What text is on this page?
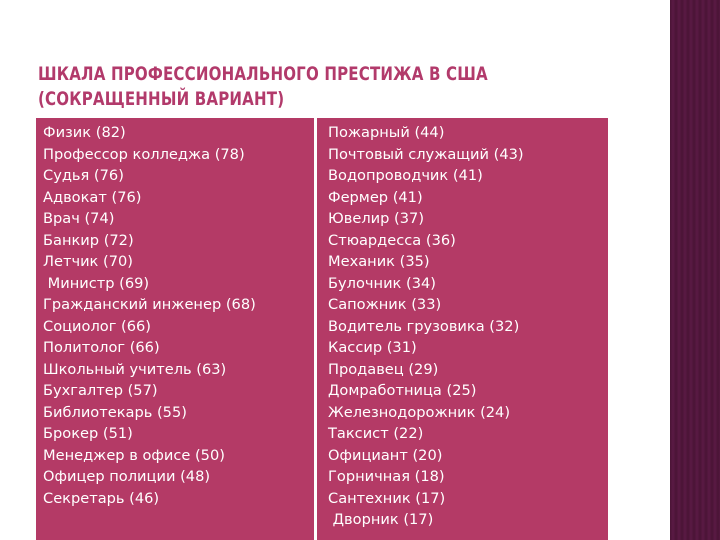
ШКАЛА ПРОФЕССИОНАЛЬНОГО ПРЕСТИЖА В США
(СОКРАЩЕННЫЙ ВАРИАНТ)
Физик (82)
Профессор колледжа (78)
Судья (76)
Адвокат (76)
Врач (74)
Банкир (72)
Летчик (70)
Министр (69)
Гражданский инженер (68)
Социолог (66)
Политолог (66)
Школьный учитель (63)
Бухгалтер (57)
Библиотекарь (55)
Брокер (51)
Менеджер в офисе (50)
Офицер полиции (48)
Секретарь (46)
Пожарный (44)
Почтовый служащий (43)
Водопроводчик (41)
Фермер (41)
Ювелир (37)
Стюардесса (36)
Механик (35)
Булочник (34)
Сапожник (33)
Водитель грузовика (32)
Кассир (31)
Продавец (29)
Домработница (25)
Железнодорожник (24)
Таксист (22)
Официант (20)
Горничная (18)
Сантехник (17)
Дворник (17)
